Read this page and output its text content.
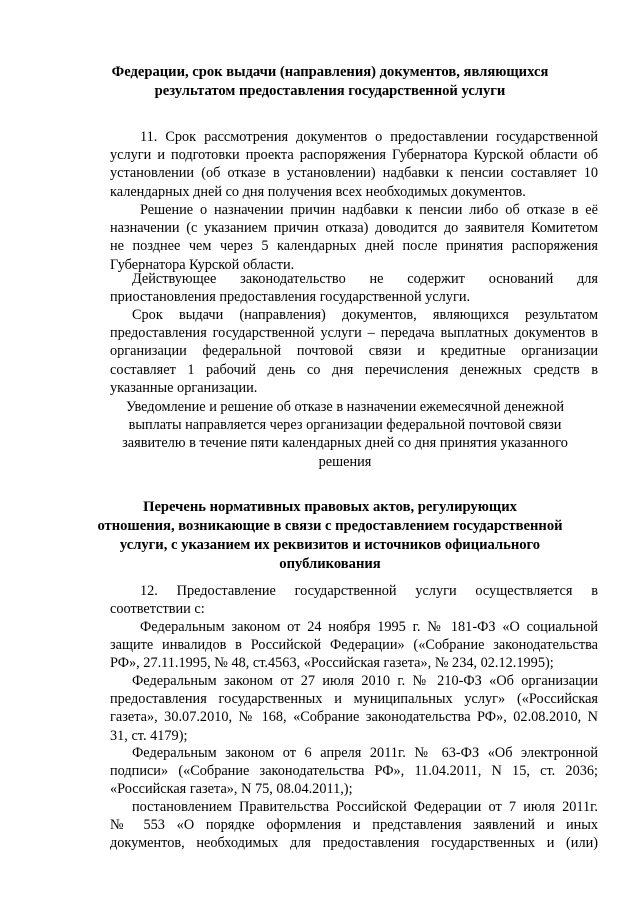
Федерации, срок выдачи (направления) документов, являющихся
результатом предоставления государственной услуги
11. Срок рассмотрения документов о предоставлении государственной
услуги и подготовки проекта распоряжения Губернатора Курской области об
установлении (об отказе в установлении) надбавки к пенсии составляет 10
календарных дней со дня получения всех необходимых документов.
Решение о назначении причин надбавки к пенсии либо об отказе в её
назначении (с указанием причин отказа) доводится до заявителя Комитетом
не позднее чем через 5 календарных дней после принятия распоряжения
Губернатора Курской области.
Действующее законодательство не содержит оснований для
приостановления предоставления государственной услуги.
Срок выдачи (направления) документов, являющихся результатом
предоставления государственной услуги – передача выплатных документов в
организации федеральной почтовой связи и кредитные организации
составляет 1 рабочий день со дня перечисления денежных средств в
указанные организации.
Уведомление и решение об отказе в назначении ежемесячной денежной
выплаты направляется через организации федеральной почтовой связи
заявителю в течение пяти календарных дней со дня принятия указанного
решения
Перечень нормативных правовых актов, регулирующих
отношения, возникающие в связи с предоставлением государственной
услуги, с указанием их реквизитов и источников официального
опубликования
12. Предоставление государственной услуги осуществляется в
соответствии с:
Федеральным законом от 24 ноября 1995 г. № 181-ФЗ «О социальной
защите инвалидов в Российской Федерации» («Собрание законодательства
РФ», 27.11.1995, № 48, ст.4563, «Российская газета», № 234, 02.12.1995);
Федеральным законом от 27 июля 2010 г. № 210-ФЗ «Об организации
предоставления государственных и муниципальных услуг» («Российская
газета», 30.07.2010, № 168, «Собрание законодательства РФ», 02.08.2010, N
31, ст. 4179);
Федеральным законом от 6 апреля 2011г. № 63-ФЗ «Об электронной
подписи» («Собрание законодательства РФ», 11.04.2011, N 15, ст. 2036;
«Российская газета», N 75, 08.04.2011,);
постановлением Правительства Российской Федерации от 7 июля 2011г.
№ 553 «О порядке оформления и представления заявлений и иных
документов, необходимых для предоставления государственных и (или)
